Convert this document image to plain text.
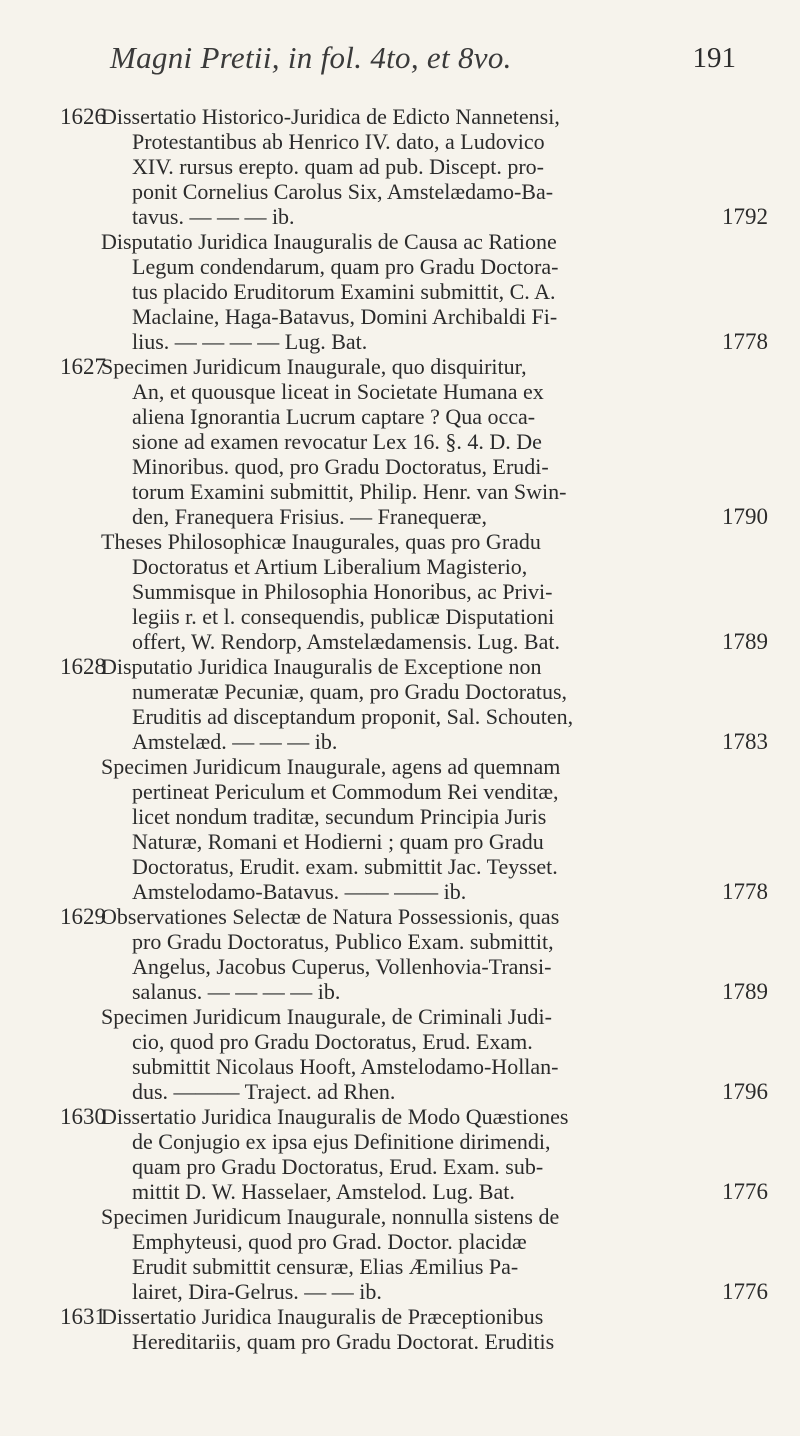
Magni Pretii, in fol. 4to, et 8vo.	191
1626
Dissertatio Historico-Juridica de Edicto Nannetensi,
Protestantibus ab Henrico IV. dato, a Ludovico
XIV. rursus erepto. quam ad pub. Discept. pro-
ponit Cornelius Carolus Six, Amstelædamo-Ba-
tavus. — — — ib.	1792
Disputatio Juridica Inauguralis de Causa ac Ratione
Legum condendarum, quam pro Gradu Doctora-
tus placido Eruditorum Examini submittit, C. A.
Maclaine, Haga-Batavus, Domini Archibaldi Fi-
lius. — — — — Lug. Bat.	1778
1627
Specimen Juridicum Inaugurale, quo disquiritur,
An, et quousque liceat in Societate Humana ex
aliena Ignorantia Lucrum captare ? Qua occa-
sione ad examen revocatur Lex 16. §. 4. D. De
Minoribus. quod, pro Gradu Doctoratus, Erudi-
torum Examini submittit, Philip. Henr. van Swin-
den, Franequera Frisius. — Franequeræ,	1790
Theses Philosophicæ Inaugurales, quas pro Gradu
Doctoratus et Artium Liberalium Magisterio,
Summisque in Philosophia Honoribus, ac Privi-
legiis r. et l. consequendis, publicæ Disputationi
offert, W. Rendorp, Amstelædamensis. Lug. Bat.	1789
1628
Disputatio Juridica Inauguralis de Exceptione non
numeratæ Pecuniæ, quam, pro Gradu Doctoratus,
Eruditis ad disceptandum proponit, Sal. Schouten,
Amstelæd. — — — ib.	1783
Specimen Juridicum Inaugurale, agens ad quemnam
pertineat Periculum et Commodum Rei venditæ,
licet nondum traditæ, secundum Principia Juris
Naturæ, Romani et Hodierni ; quam pro Gradu
Doctoratus, Erudit. exam. submittit Jac. Teysset.
Amstelodamo-Batavus. —— —— ib.	1778
1629
Observationes Selectæ de Natura Possessionis, quas
pro Gradu Doctoratus, Publico Exam. submittit,
Angelus, Jacobus Cuperus, Vollenhovia-Transi-
salanus. — — — — ib.	1789
Specimen Juridicum Inaugurale, de Criminali Judi-
cio, quod pro Gradu Doctoratus, Erud. Exam.
submittit Nicolaus Hooft, Amstelodamo-Hollan-
dus. ——— Traject. ad Rhen.	1796
1630
Dissertatio Juridica Inauguralis de Modo Quæstiones
de Conjugio ex ipsa ejus Definitione dirimendi,
quam pro Gradu Doctoratus, Erud. Exam. sub-
mittit D. W. Hasselaer, Amstelod. Lug. Bat.	1776
Specimen Juridicum Inaugurale, nonnulla sistens de
Emphyteusi, quod pro Grad. Doctor. placidæ
Erudit submittit censuræ, Elias Æmilius Pa-
lairet, Dira-Gelrus. — — ib.	1776
1631
Dissertatio Juridica Inauguralis de Præceptionibus
Hereditariis, quam pro Gradu Doctorat. Eruditis
